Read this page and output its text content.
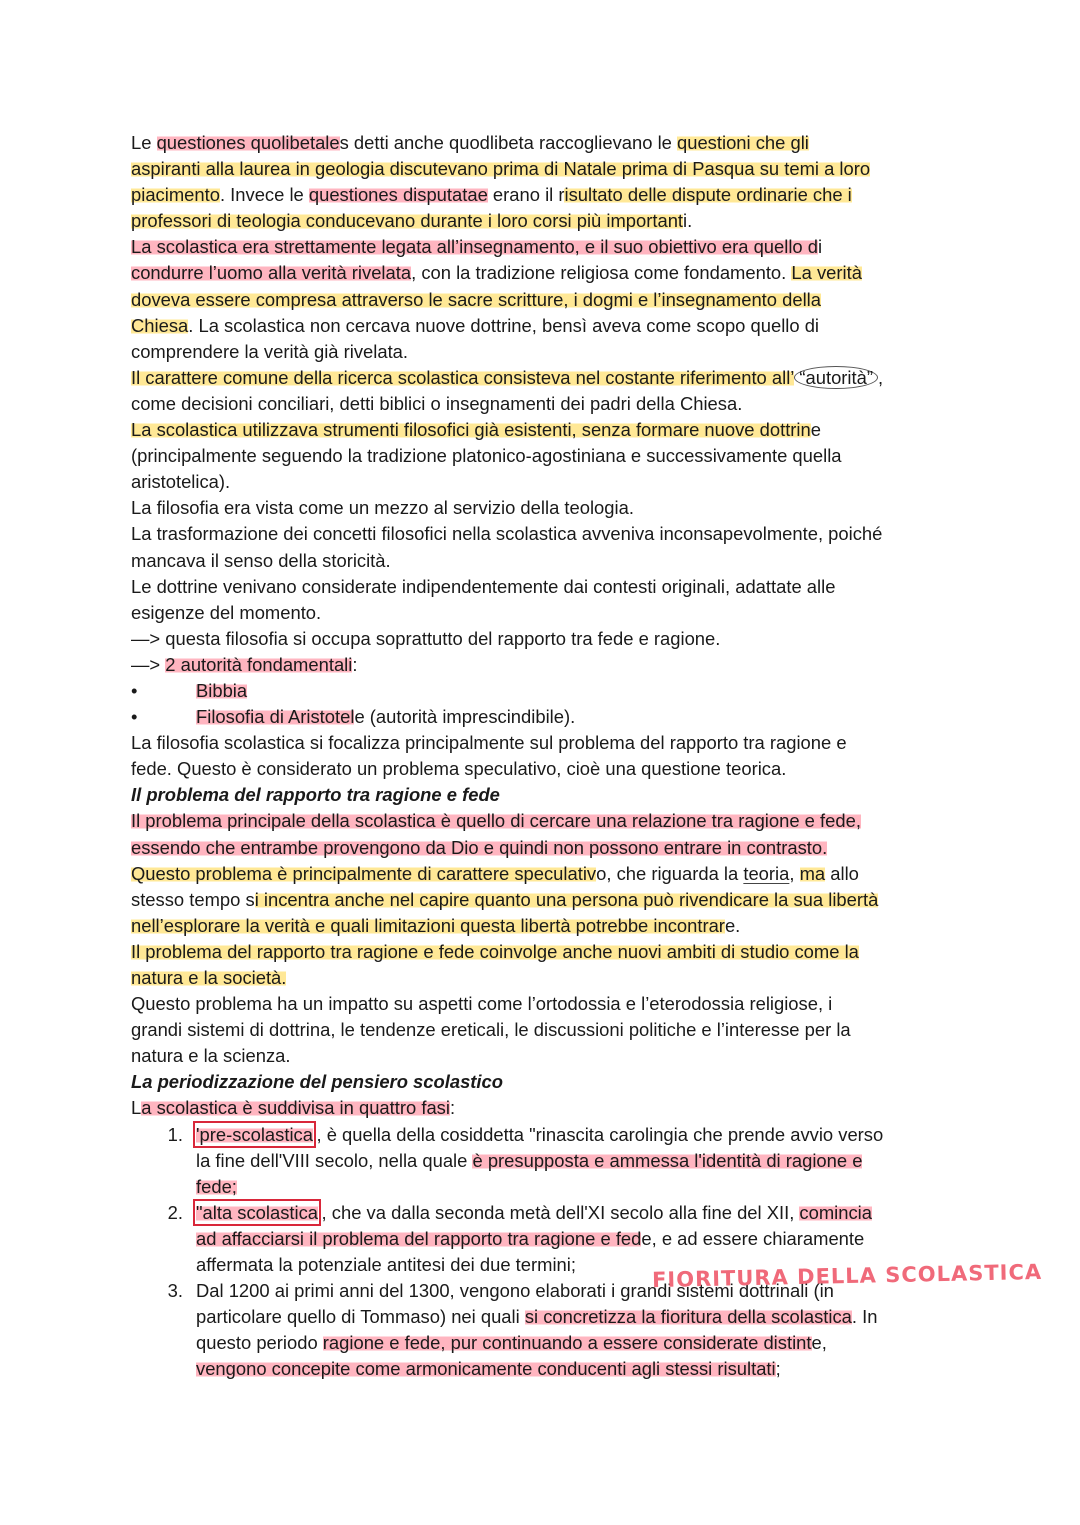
Le questiones quolibetales detti anche quodlibeta raccoglievano le questioni che gli

aspiranti alla laurea in geologia discutevano prima di Natale prima di Pasqua su temi a loro

piacimento. Invece le questiones disputatae erano il risultato delle dispute ordinarie che i

professori di teologia conducevano durante i loro corsi più importanti.

La scolastica era strettamente legata all’insegnamento, e il suo obiettivo era quello di

condurre l’uomo alla verità rivelata, con la tradizione religiosa come fondamento. La verità

doveva essere compresa attraverso le sacre scritture, i dogmi e l’insegnamento della

Chiesa. La scolastica non cercava nuove dottrine, bensì aveva come scopo quello di

comprendere la verità già rivelata.

Il carattere comune della ricerca scolastica consisteva nel costante riferimento all’ “autorità” ,

come decisioni conciliari, detti biblici o insegnamenti dei padri della Chiesa.

La scolastica utilizzava strumenti filosofici già esistenti, senza formare nuove dottrine

(principalmente seguendo la tradizione platonico-agostiniana e successivamente quella

aristotelica).

La filosofia era vista come un mezzo al servizio della teologia.

La trasformazione dei concetti filosofici nella scolastica avveniva inconsapevolmente, poiché

mancava il senso della storicità.

Le dottrine venivano considerate indipendentemente dai contesti originali, adattate alle

esigenze del momento.

—> questa filosofia si occupa soprattutto del rapporto tra fede e ragione.

—> 2 autorità fondamentali:

•	Bibbia

•	Filosofia di Aristotele (autorità imprescindibile).

La filosofia scolastica si focalizza principalmente sul problema del rapporto tra ragione e

fede. Questo è considerato un problema speculativo, cioè una questione teorica.

Il problema del rapporto tra ragione e fede

Il problema principale della scolastica è quello di cercare una relazione tra ragione e fede,

essendo che entrambe provengono da Dio e quindi non possono entrare in contrasto.

Questo problema è principalmente di carattere speculativo, che riguarda la teoria, ma allo

stesso tempo si incentra anche nel capire quanto una persona può rivendicare la sua libertà

nell’esplorare la verità e quali limitazioni questa libertà potrebbe incontrare.

Il problema del rapporto tra ragione e fede coinvolge anche nuovi ambiti di studio come la

natura e la società.

Questo problema ha un impatto su aspetti come l’ortodossia e l’eterodossia religiose, i

grandi sistemi di dottrina, le tendenze ereticali, le discussioni politiche e l’interesse per la

natura e la scienza.

La periodizzazione del pensiero scolastico

La scolastica è suddivisa in quattro fasi:

1. 'pre-scolastica', è quella della cosiddetta "rinascita carolingia che prende avvio verso

la fine dell'VIII secolo, nella quale è presupposta e ammessa l'identità di ragione e

fede;

2. "alta scolastica', che va dalla seconda metà dell'XI secolo alla fine del XII, comincia

ad affacciarsi il problema del rapporto tra ragione e fede, e ad essere chiaramente

affermata la potenziale antitesi dei due termini;

3. Dal 1200 ai primi anni del 1300, vengono elaborati i grandi sistemi dottrinali (in

particolare quello di Tommaso) nei quali si concretizza la fioritura della scolastica. In

questo periodo ragione e fede, pur continuando a essere considerate distinte,

vengono concepite come armonicamente conducenti agli stessi risultati;

FIORITURA DELLA SCOLASTICA
